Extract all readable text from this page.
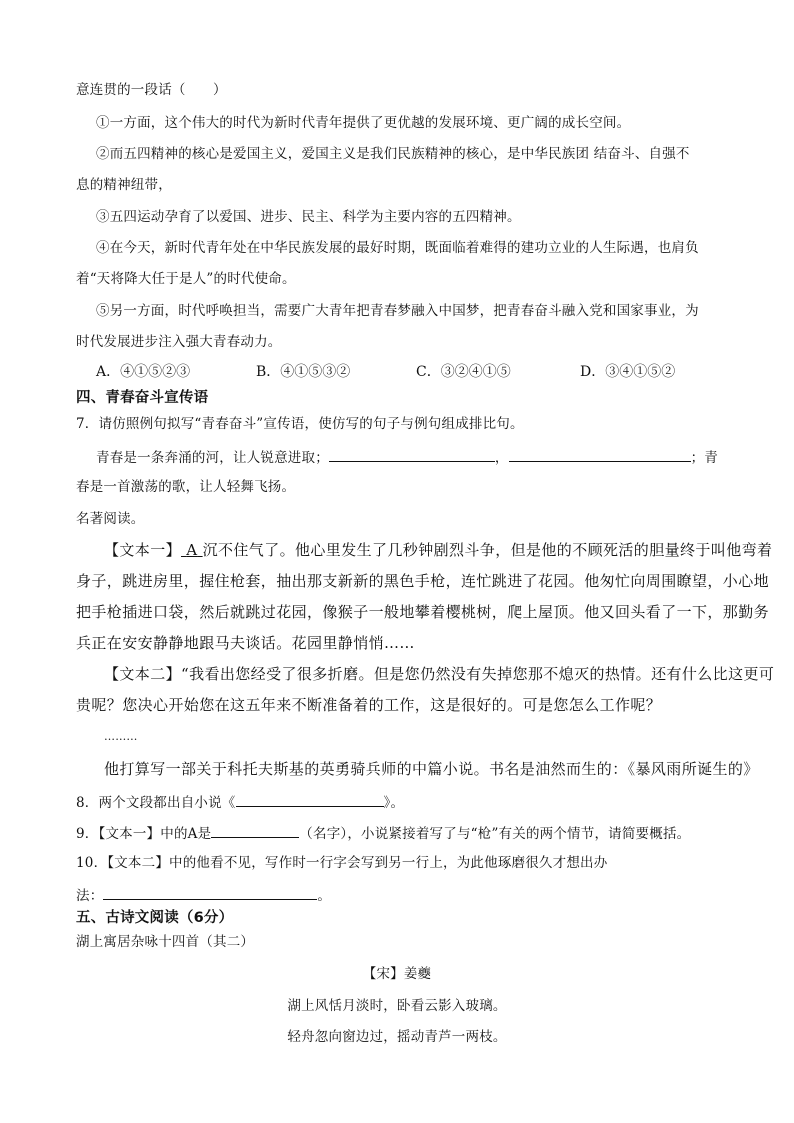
意连贯的一段话（　　）
①一方面，这个伟大的时代为新时代青年提供了更优越的发展环境、更广阔的成长空间。
②而五四精神的核心是爱国主义，爱国主义是我们民族精神的核心，是中华民族团 结奋斗、自强不
息的精神纽带，
③五四运动孕育了以爱国、进步、民主、科学为主要内容的五四精神。
④在今天，新时代青年处在中华民族发展的最好时期，既面临着难得的建功立业的人生际遇，也肩负
着“天将降大任于是人”的时代使命。
⑤另一方面，时代呼唤担当，需要广大青年把青春梦融入中国梦，把青春奋斗融入党和国家事业，为
时代发展进步注入强大青春动力。
A．④①⑤②③	B．④①⑤③②	C．③②④①⑤	D．③④①⑤②
四、青春奋斗宣传语
7．请仿照例句拟写“青春奋斗”宣传语，使仿写的句子与例句组成排比句。
青春是一条奔涌的河，让人锐意进取；	，	；青
春是一首激荡的歌，让人轻舞飞扬。
名著阅读。
【文本一】 A 沉不住气了。他心里发生了几秒钟剧烈斗争，但是他的不顾死活的胆量终于叫他弯着
身子，跳进房里，握住枪套，抽出那支新新的黑色手枪，连忙跳进了花园。他匆忙向周围瞭望，小心地
把手枪插进口袋，然后就跳过花园，像猴子一般地攀着樱桃树，爬上屋顶。他又回头看了一下，那勤务
兵正在安安静静地跟马夫谈话。花园里静悄悄……
【文本二】“我看出您经受了很多折磨。但是您仍然没有失掉您那不熄灭的热情。还有什么比这更可
贵呢？您决心开始您在这五年来不断准备着的工作，这是很好的。可是您怎么工作呢？
………
他打算写一部关于科托夫斯基的英勇骑兵师的中篇小说。书名是油然而生的：《暴风雨所诞生的》
8．两个文段都出自小说《	》。
9．【文本一】中的A是	（名字），小说紧接着写了与“枪”有关的两个情节，请简要概括。
10．【文本二】中的他看不见，写作时一行字会写到另一行上，为此他琢磨很久才想出办
法：	。
五、古诗文阅读（6分）
湖上寓居杂咏十四首（其二）
【宋】姜夔
湖上风恬月淡时，卧看云影入玻璃。
轻舟忽向窗边过，摇动青芦一两枝。
